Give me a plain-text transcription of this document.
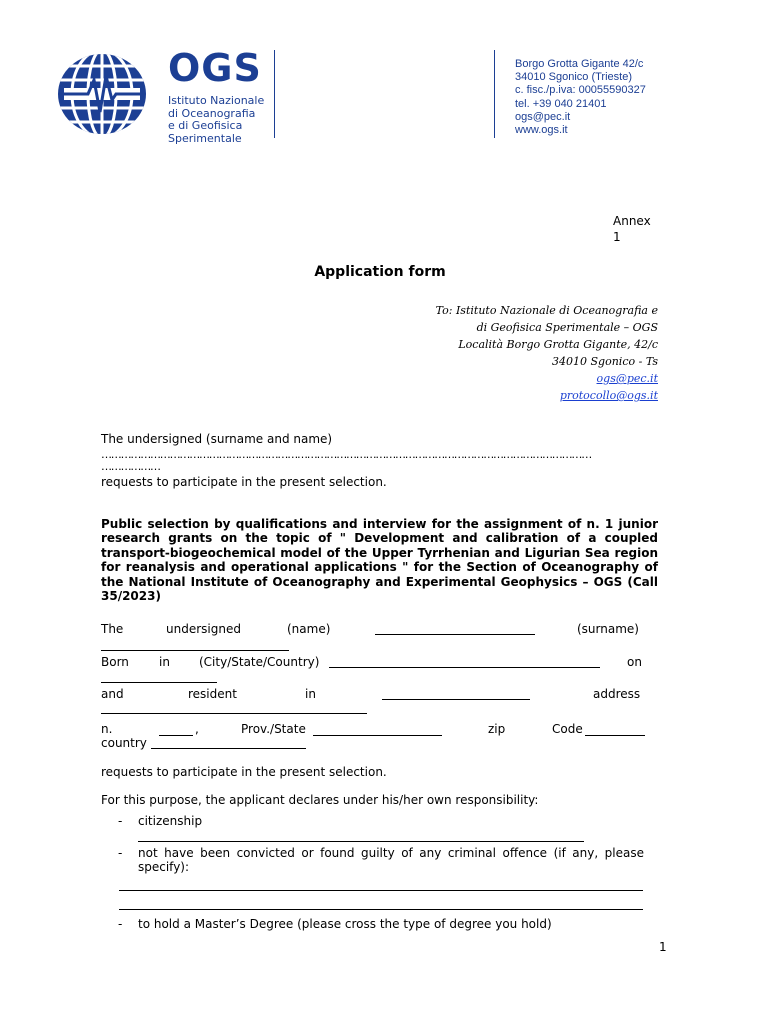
OGS
Istituto Nazionale
di Oceanografia
e di Geofisica
Sperimentale
Borgo Grotta Gigante 42/c
34010 Sgonico (Trieste)
c. fisc./p.iva: 00055590327
tel. +39 040 21401
ogs@pec.it
www.ogs.it
Annex
1
Application form
To: Istituto Nazionale di Oceanografia e
di Geofisica Sperimentale – OGS
Località Borgo Grotta Gigante, 42/c
34010 Sgonico - Ts
ogs@pec.it
protocollo@ogs.it
The undersigned (surname and name)
……………………………………………………………………………………………………………………………………
………………
requests to participate in the present selection.
Public selection by qualifications and interview for the assignment of n. 1 junior research grants on the topic of " Development and calibration of a coupled transport-biogeochemical model of the Upper Tyrrhenian and Ligurian Sea region for reanalysis and operational applications " for the Section of Oceanography of the National Institute of Oceanography and Experimental Geophysics – OGS (Call 35/2023)
The	undersigned	(name)	(surname)
Born	in (City/State/Country)	on
and	resident	in	address
n.	,	Prov./State	zip	Code
country
requests to participate in the present selection.
For this purpose, the applicant declares under his/her own responsibility:
- citizenship
- not have been convicted or found guilty of any criminal offence (if any, please specify):
- to hold a Master’s Degree (please cross the type of degree you hold)
1
